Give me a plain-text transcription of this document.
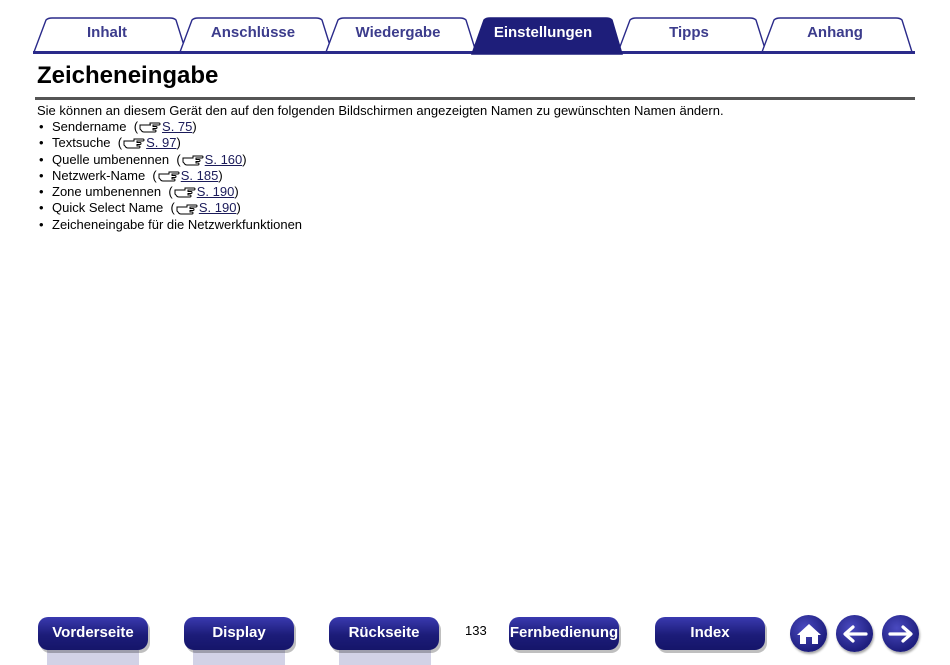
Inhalt	Anschlüsse	Wiedergabe	Einstellungen	Tipps	Anhang
Zeicheneingabe
Sie können an diesem Gerät den auf den folgenden Bildschirmen angezeigten Namen zu gewünschten Namen ändern.
• Sendername  ( S. 75 )
• Textsuche  ( S. 97 )
• Quelle umbenennen  ( S. 160 )
• Netzwerk-Name  ( S. 185 )
• Zone umbenennen  ( S. 190 )
• Quick Select Name  ( S. 190 )
• Zeicheneingabe für die Netzwerkfunktionen
Vorderseite	Display	Rückseite	133 Fernbedienung	Index
